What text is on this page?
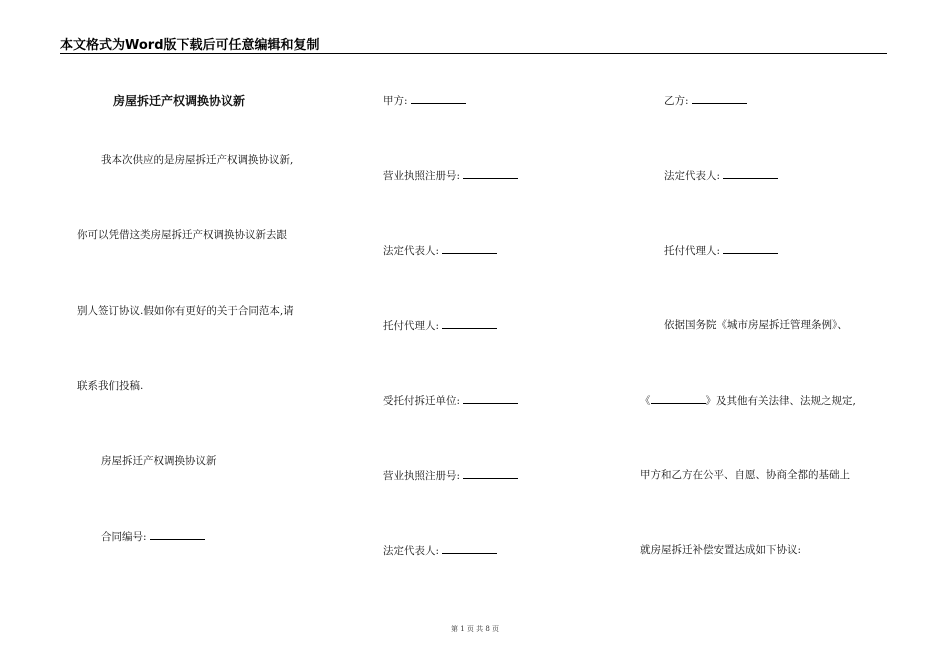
本文格式为Word版下载后可任意编辑和复制
房屋拆迁产权调换协议新
我本次供应的是房屋拆迁产权调换协议新,
你可以凭借这类房屋拆迁产权调换协议新去跟
别人签订协议.假如你有更好的关于合同范本,请
联系我们投稿.
房屋拆迁产权调换协议新
合同编号:
甲方:
营业执照注册号:
法定代表人:
托付代理人:
受托付拆迁单位:
营业执照注册号:
法定代表人:
乙方:
法定代表人:
托付代理人:
依据国务院《城市房屋拆迁管理条例》、
《	》及其他有关法律、法规之规定,
甲方和乙方在公平、自愿、协商全都的基础上
就房屋拆迁补偿安置达成如下协议:
第 1 页 共 8 页
